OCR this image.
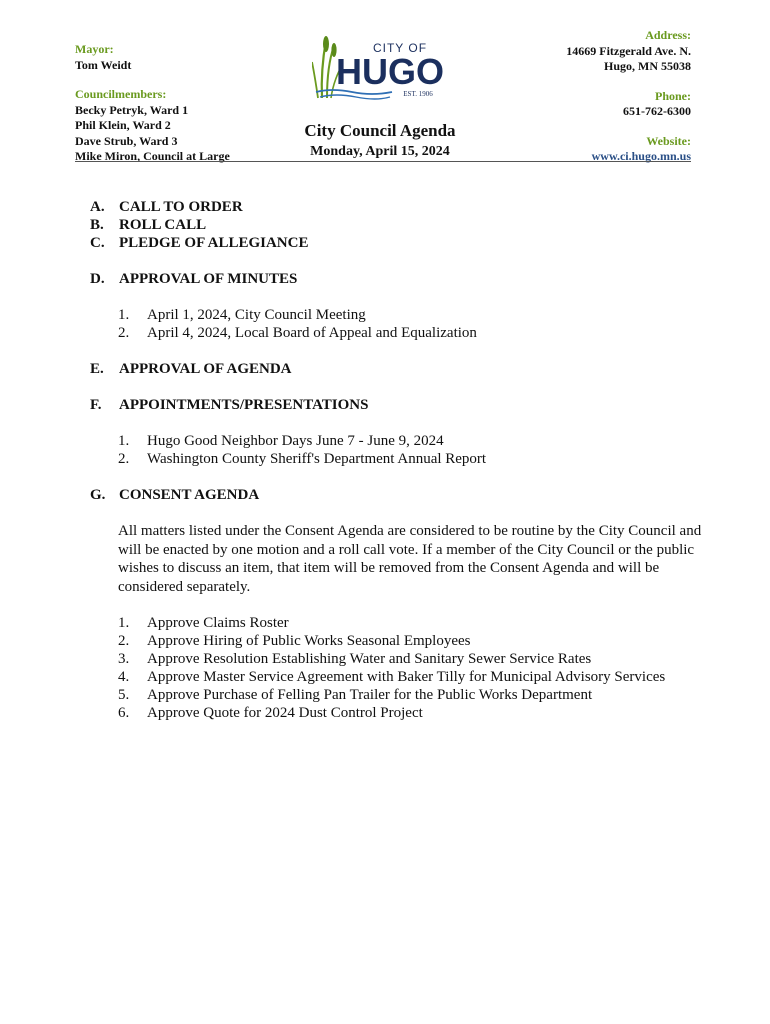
Mayor:
Tom Weidt
Councilmembers:
Becky Petryk, Ward 1
Phil Klein, Ward 2
Dave Strub, Ward 3
Mike Miron, Council at Large
CITY OF
HUGO
EST. 1906
City Council Agenda
Monday, April 15, 2024
Address:
14669 Fitzgerald Ave. N.
Hugo, MN 55038
Phone:
651-762-6300
Website:
www.ci.hugo.mn.us
A. CALL TO ORDER
B.	ROLL CALL
C. PLEDGE OF ALLEGIANCE
D. APPROVAL OF MINUTES
1.	April 1, 2024, City Council Meeting
2.	April 4, 2024, Local Board of Appeal and Equalization
E.	APPROVAL OF AGENDA
F.	APPOINTMENTS/PRESENTATIONS
1.	Hugo Good Neighbor Days June 7 - June 9, 2024
2.	Washington County Sheriff's Department Annual Report
G. CONSENT AGENDA
All matters listed under the Consent Agenda are considered to be routine by the City Council and will be enacted by one motion and a roll call vote. If a member of the City Council or the public wishes to discuss an item, that item will be removed from the Consent Agenda and will be considered separately.
1.	Approve Claims Roster
2.	Approve Hiring of Public Works Seasonal Employees
3.	Approve Resolution Establishing Water and Sanitary Sewer Service Rates
4.	Approve Master Service Agreement with Baker Tilly for Municipal Advisory Services
5.	Approve Purchase of Felling Pan Trailer for the Public Works Department
6.	Approve Quote for 2024 Dust Control Project
